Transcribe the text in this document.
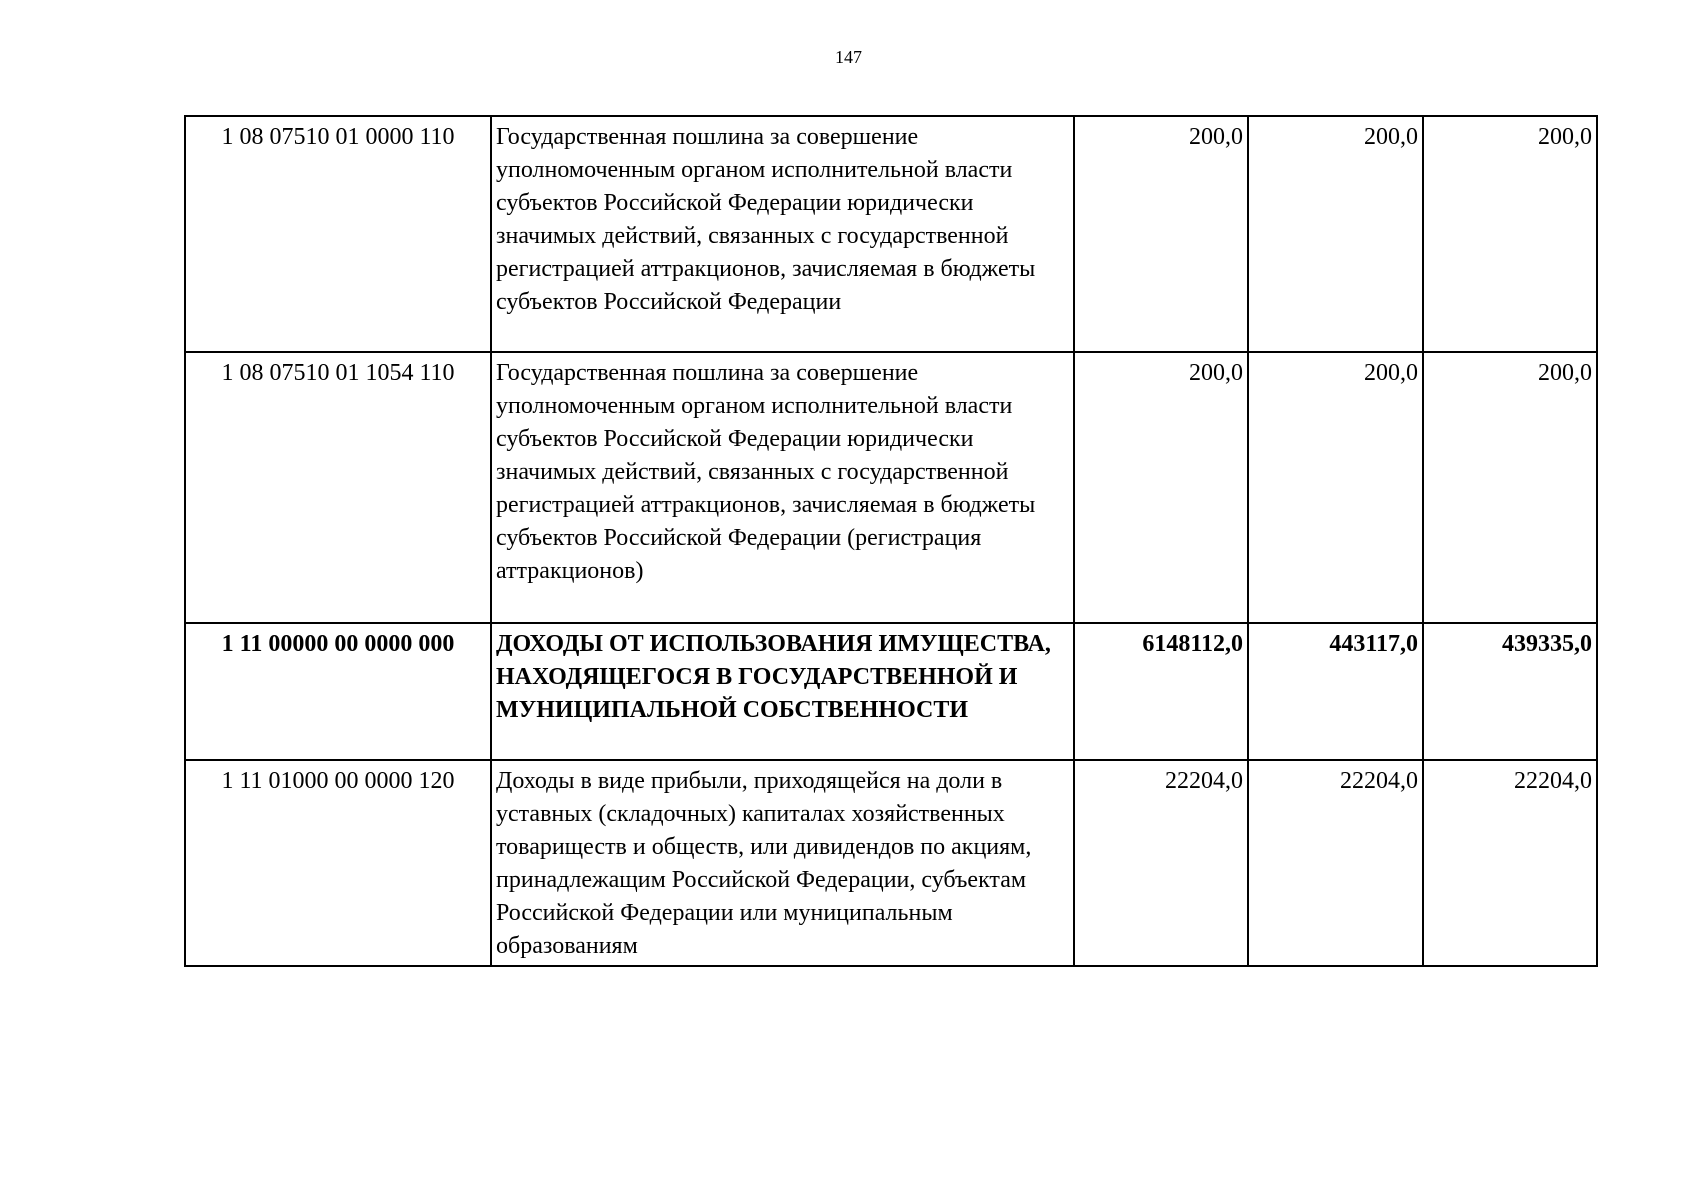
147
1 08 07510 01 0000 110	Государственная пошлина за совершение уполномоченным органом исполнительной власти субъектов Российской Федерации юридически значимых действий, связанных с государственной регистрацией аттракционов, зачисляемая в бюджеты субъектов Российской Федерации	200,0	200,0	200,0
1 08 07510 01 1054 110	Государственная пошлина за совершение уполномоченным органом исполнительной власти субъектов Российской Федерации юридически значимых действий, связанных с государственной регистрацией аттракционов, зачисляемая в бюджеты субъектов Российской Федерации (регистрация аттракционов)	200,0	200,0	200,0
1 11 00000 00 0000 000	ДОХОДЫ ОТ ИСПОЛЬЗОВАНИЯ ИМУЩЕСТВА, НАХОДЯЩЕГОСЯ В ГОСУДАРСТВЕННОЙ И МУНИЦИПАЛЬНОЙ СОБСТВЕННОСТИ	6148112,0	443117,0	439335,0
1 11 01000 00 0000 120	Доходы в виде прибыли, приходящейся на доли в уставных (складочных) капиталах хозяйственных товариществ и обществ, или дивидендов по акциям, принадлежащим Российской Федерации, субъектам Российской Федерации или муниципальным образованиям	22204,0	22204,0	22204,0
